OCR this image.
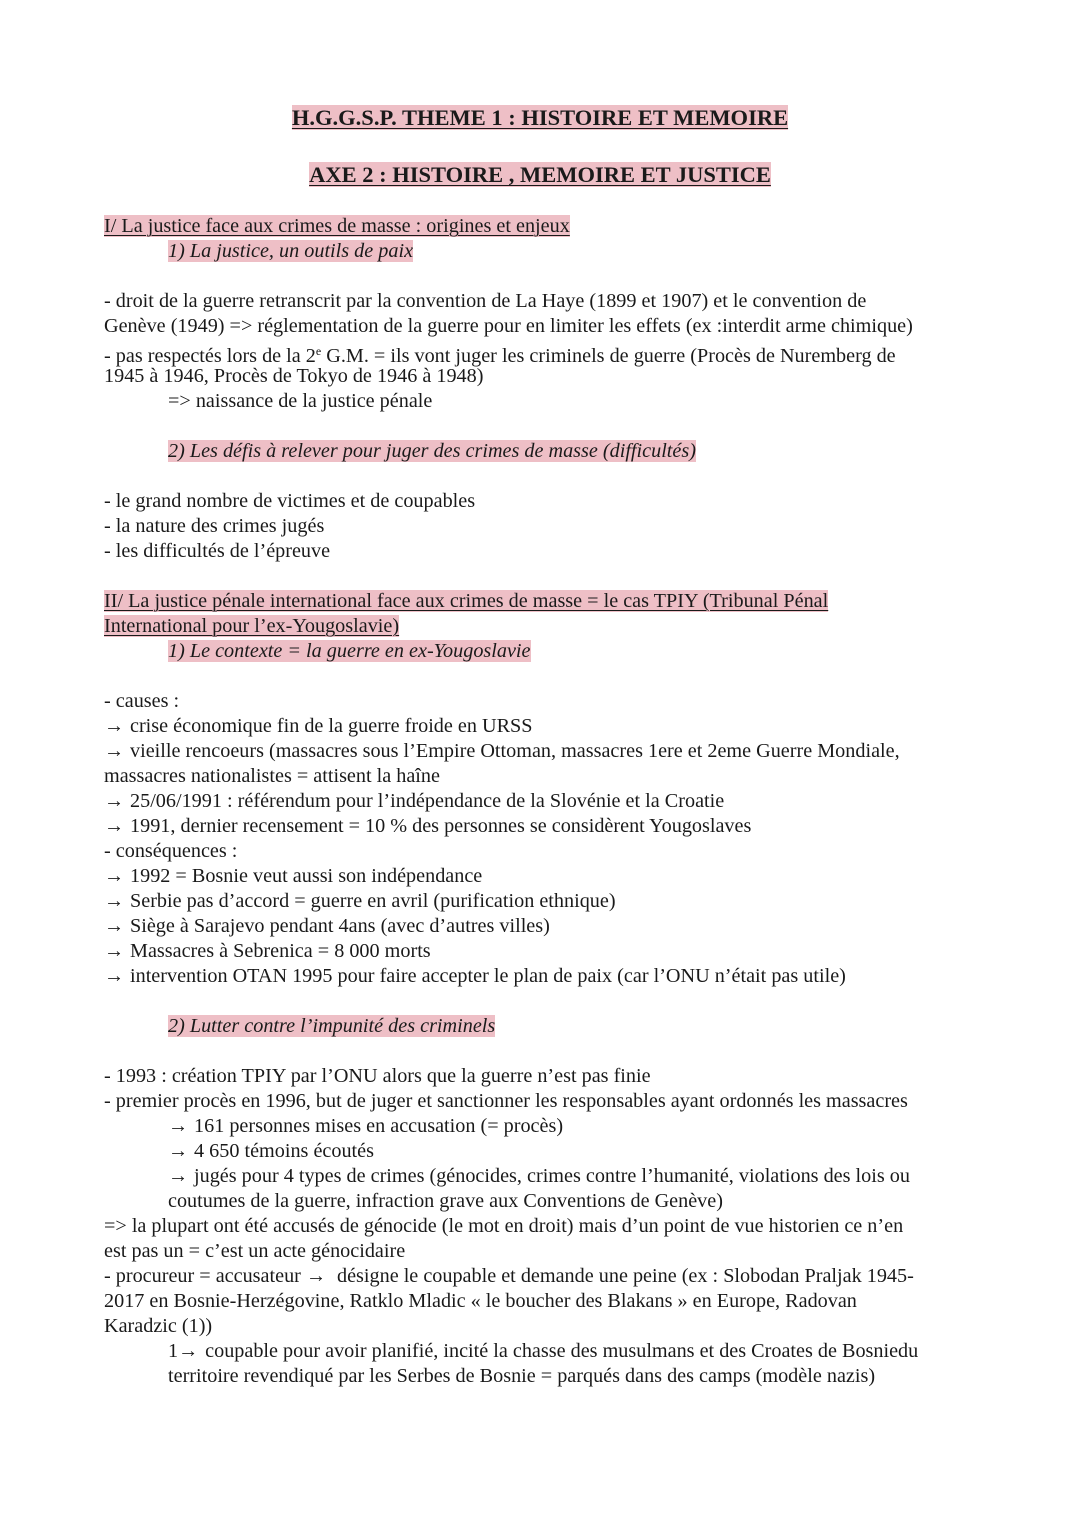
H.G.G.S.P. THEME 1 : HISTOIRE ET MEMOIRE
AXE 2 : HISTOIRE , MEMOIRE ET JUSTICE

I/ La justice face aux crimes de masse : origines et enjeux

1) La justice, un outils de paix

- droit de la guerre retranscrit par la convention de La Haye (1899 et 1907) et le convention de

Genève (1949) => réglementation de la guerre pour en limiter les effets (ex :interdit arme chimique)

- pas respectés lors de la 2e G.M. = ils vont juger les criminels de guerre (Procès de Nuremberg de

1945 à 1946, Procès de Tokyo de 1946 à 1948)

=> naissance de la justice pénale

2) Les défis à relever pour juger des crimes de masse (difficultés)

- le grand nombre de victimes et de coupables

- la nature des crimes jugés

- les difficultés de l’épreuve

II/ La justice pénale international face aux crimes de masse = le cas TPIY (Tribunal Pénal

International pour l’ex-Yougoslavie)

1) Le contexte = la guerre en ex-Yougoslavie

- causes :

→ crise économique fin de la guerre froide en URSS

→ vieille rencoeurs (massacres sous l’Empire Ottoman, massacres 1ere et 2eme Guerre Mondiale,

massacres nationalistes = attisent la haîne

→ 25/06/1991 : référendum pour l’indépendance de la Slovénie et la Croatie

→ 1991, dernier recensement = 10 % des personnes se considèrent Yougoslaves

- conséquences :

→ 1992 = Bosnie veut aussi son indépendance

→ Serbie pas d’accord = guerre en avril (purification ethnique)

→ Siège à Sarajevo pendant 4ans (avec d’autres villes)

→ Massacres à Sebrenica = 8 000 morts

→ intervention OTAN 1995 pour faire accepter le plan de paix (car l’ONU n’était pas utile)

2) Lutter contre l’impunité des criminels

- 1993 : création TPIY par l’ONU alors que la guerre n’est pas finie

- premier procès en 1996, but de juger et sanctionner les responsables ayant ordonnés les massacres

→ 161 personnes mises en accusation (= procès)

→ 4 650 témoins écoutés

→ jugés pour 4 types de crimes (génocides, crimes contre l’humanité, violations des lois ou

coutumes de la guerre, infraction grave aux Conventions de Genève)

=> la plupart ont été accusés de génocide (le mot en droit) mais d’un point de vue historien ce n’en

est pas un = c’est un acte génocidaire

- procureur = accusateur → désigne le coupable et demande une peine (ex : Slobodan Praljak 1945-

2017 en Bosnie-Herzégovine, Ratklo Mladic « le boucher des Blakans » en Europe, Radovan

Karadzic (1))

1→ coupable pour avoir planifié, incité la chasse des musulmans et des Croates de Bosniedu

territoire revendiqué par les Serbes de Bosnie = parqués dans des camps (modèle nazis)
